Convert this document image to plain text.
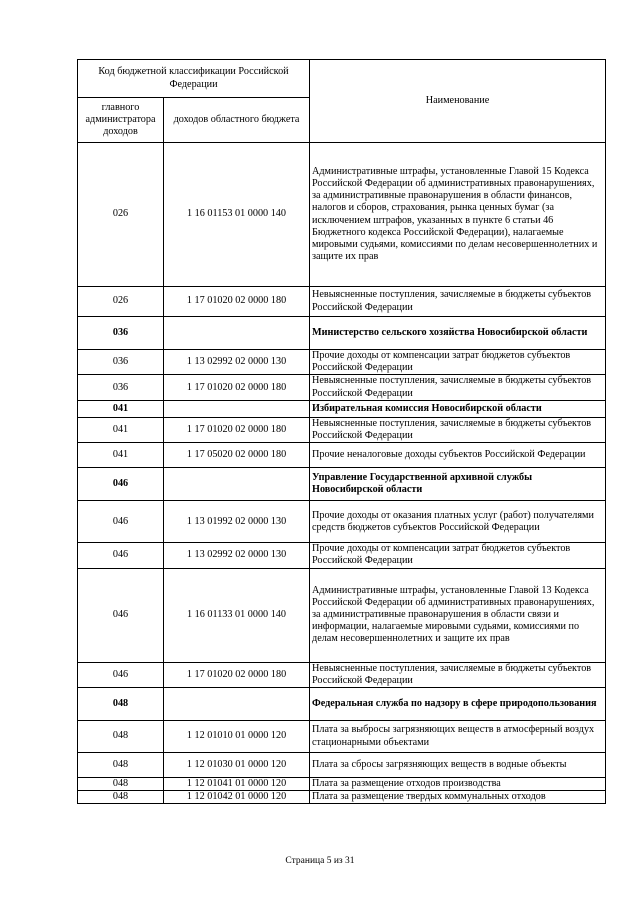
Код бюджетной классификации Российской Федерации		Наименование
главного администратора доходов	доходов областного бюджета	
026	1 16 01153 01 0000 140	Административные штрафы, установленные Главой 15 Кодекса Российской Федерации об административных правонарушениях, за административные правонарушения в области финансов, налогов и сборов, страхования, рынка ценных бумаг (за исключением штрафов, указанных в пункте 6 статьи 46 Бюджетного кодекса Российской Федерации), налагаемые мировыми судьями, комиссиями по делам несовершеннолетних и защите их прав
026	1 17 01020 02 0000 180	Невыясненные поступления, зачисляемые в бюджеты субъектов Российской Федерации
036		Министерство сельского хозяйства Новосибирской области
036	1 13 02992 02 0000 130	Прочие доходы от компенсации затрат бюджетов субъектов Российской Федерации
036	1 17 01020 02 0000 180	Невыясненные поступления, зачисляемые в бюджеты субъектов Российской Федерации
041		Избирательная комиссия Новосибирской области
041	1 17 01020 02 0000 180	Невыясненные поступления, зачисляемые в бюджеты субъектов Российской Федерации
041	1 17 05020 02 0000 180	Прочие неналоговые доходы субъектов Российской Федерации
046		Управление Государственной архивной службы Новосибирской области
046	1 13 01992 02 0000 130	Прочие доходы от оказания платных услуг (работ) получателями средств бюджетов субъектов Российской Федерации
046	1 13 02992 02 0000 130	Прочие доходы от компенсации затрат бюджетов субъектов Российской Федерации
046	1 16 01133 01 0000 140	Административные штрафы, установленные Главой 13 Кодекса Российской Федерации об административных правонарушениях, за административные правонарушения в области связи и информации, налагаемые мировыми судьями, комиссиями по делам несовершеннолетних и защите их прав
046	1 17 01020 02 0000 180	Невыясненные поступления, зачисляемые в бюджеты субъектов Российской Федерации
048		Федеральная служба по надзору в сфере природопользования
048	1 12 01010 01 0000 120	Плата за выбросы загрязняющих веществ в атмосферный воздух стационарными объектами
048	1 12 01030 01 0000 120	Плата за сбросы загрязняющих веществ в водные объекты
048	1 12 01041 01 0000 120	Плата за размещение отходов производства
048	1 12 01042 01 0000 120	Плата за размещение твердых коммунальных отходов
Страница 5 из 31
